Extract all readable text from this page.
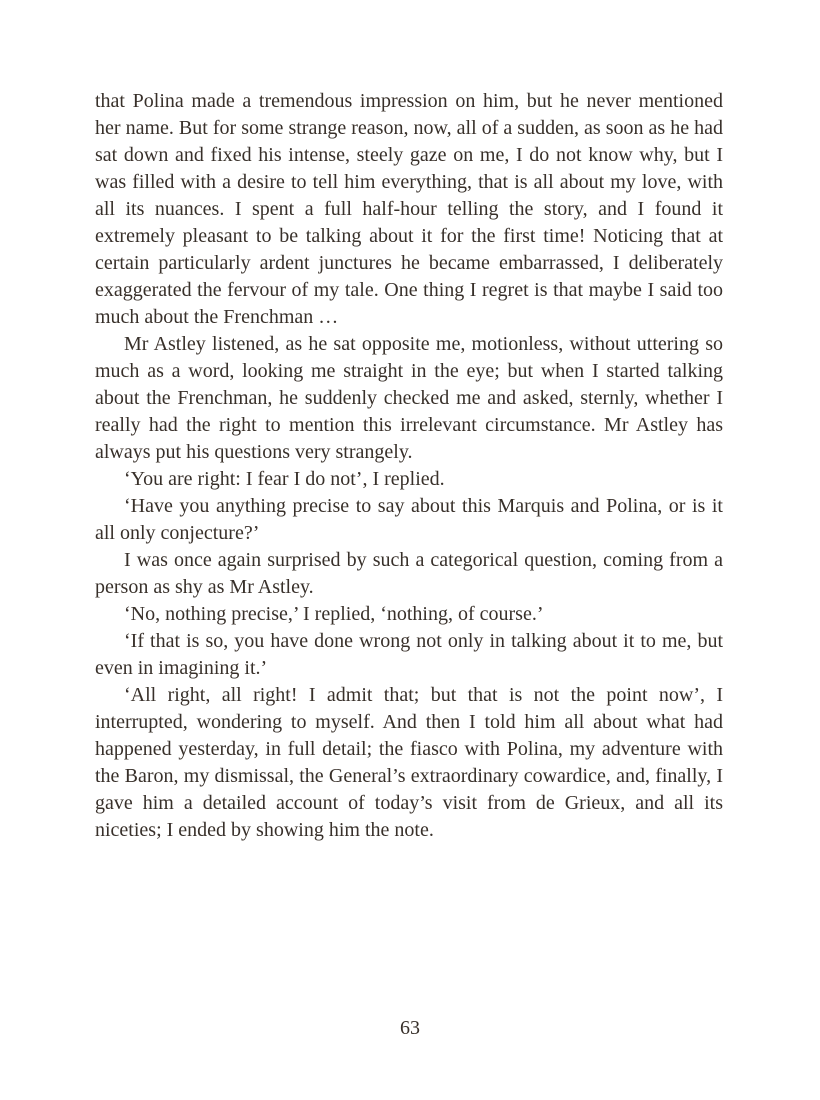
that Polina made a tremendous impression on him, but he never mentioned her name. But for some strange reason, now, all of a sudden, as soon as he had sat down and fixed his intense, steely gaze on me, I do not know why, but I was filled with a desire to tell him everything, that is all about my love, with all its nuances. I spent a full half-hour telling the story, and I found it extremely pleasant to be talking about it for the first time! Noticing that at certain particularly ardent junctures he became embarrassed, I deliberately exaggerated the fervour of my tale. One thing I regret is that maybe I said too much about the Frenchman …

Mr Astley listened, as he sat opposite me, motionless, without uttering so much as a word, looking me straight in the eye; but when I started talking about the Frenchman, he suddenly checked me and asked, sternly, whether I really had the right to mention this irrelevant circumstance. Mr Astley has always put his questions very strangely.

‘You are right: I fear I do not’, I replied.

‘Have you anything precise to say about this Marquis and Polina, or is it all only conjecture?’

I was once again surprised by such a categorical question, coming from a person as shy as Mr Astley.

‘No, nothing precise,’ I replied, ‘nothing, of course.’

‘If that is so, you have done wrong not only in talking about it to me, but even in imagining it.’

‘All right, all right! I admit that; but that is not the point now’, I interrupted, wondering to myself. And then I told him all about what had happened yesterday, in full detail; the fiasco with Polina, my adventure with the Baron, my dismissal, the General’s extraordinary cowardice, and, finally, I gave him a detailed account of today’s visit from de Grieux, and all its niceties; I ended by showing him the note.

63
